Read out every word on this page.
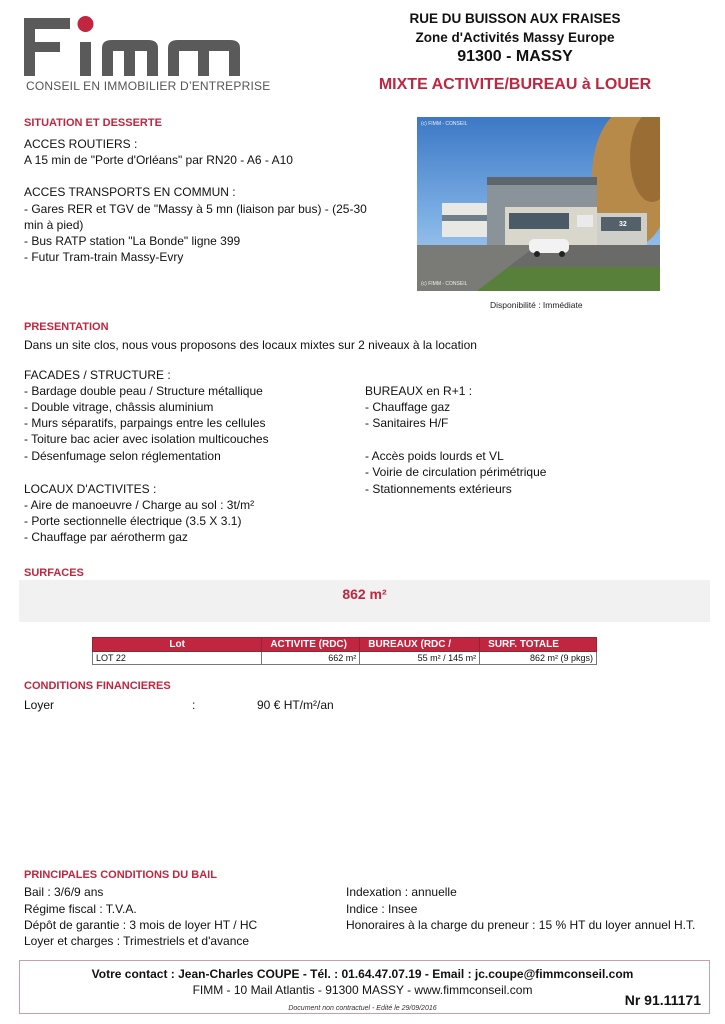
CONSEIL EN IMMOBILIER D’ENTREPRISE
RUE DU BUISSON AUX FRAISES
Zone d'Activités Massy Europe
91300 - MASSY
MIXTE ACTIVITE/BUREAU à LOUER
SITUATION ET DESSERTE
ACCES ROUTIERS :
A 15 min de "Porte d'Orléans" par RN20 - A6 - A10
ACCES TRANSPORTS EN COMMUN :
- Gares RER et TGV de "Massy à 5 mn (liaison par bus) - (25-30
min à pied)
- Bus RATP station "La Bonde" ligne 399
- Futur Tram-train Massy-Evry
(c) FIMM - CONSEIL
(c) FIMM - CONSEIL
32
Disponibilité : Immédiate
PRESENTATION
Dans un site clos, nous vous proposons des locaux mixtes sur 2 niveaux à la location
FACADES / STRUCTURE :
- Bardage double peau / Structure métallique
- Double vitrage, châssis aluminium
- Murs séparatifs, parpaings entre les cellules
- Toiture bac acier avec isolation multicouches
- Désenfumage selon réglementation
LOCAUX D'ACTIVITES :
- Aire de manoeuvre / Charge au sol : 3t/m²
- Porte sectionnelle électrique (3.5 X 3.1)
- Chauffage par aérotherm gaz
BUREAUX en R+1 :
- Chauffage gaz
- Sanitaires H/F
- Accès poids lourds et VL
- Voirie de circulation périmétrique
- Stationnements extérieurs
SURFACES
862 m²
Lot	ACTIVITE (RDC)	BUREAUX (RDC /	SURF. TOTALE
LOT 22	662 m²	55 m² / 145 m²	862 m² (9 pkgs)
CONDITIONS FINANCIERES
Loyer	:	90 € HT/m²/an
PRINCIPALES CONDITIONS DU BAIL
Bail : 3/6/9 ans
Régime fiscal : T.V.A.
Dépôt de garantie : 3 mois de loyer HT / HC
Loyer et charges : Trimestriels et d'avance
Indexation : annuelle
Indice : Insee
Honoraires à la charge du preneur : 15 % HT du loyer annuel H.T.
Votre contact : Jean-Charles COUPE - Tél. : 01.64.47.07.19 - Email : jc.coupe@fimmconseil.com
FIMM - 10 Mail Atlantis - 91300 MASSY - www.fimmconseil.com
Document non contractuel - Edité le 29/09/2016
Nr 91.11171
